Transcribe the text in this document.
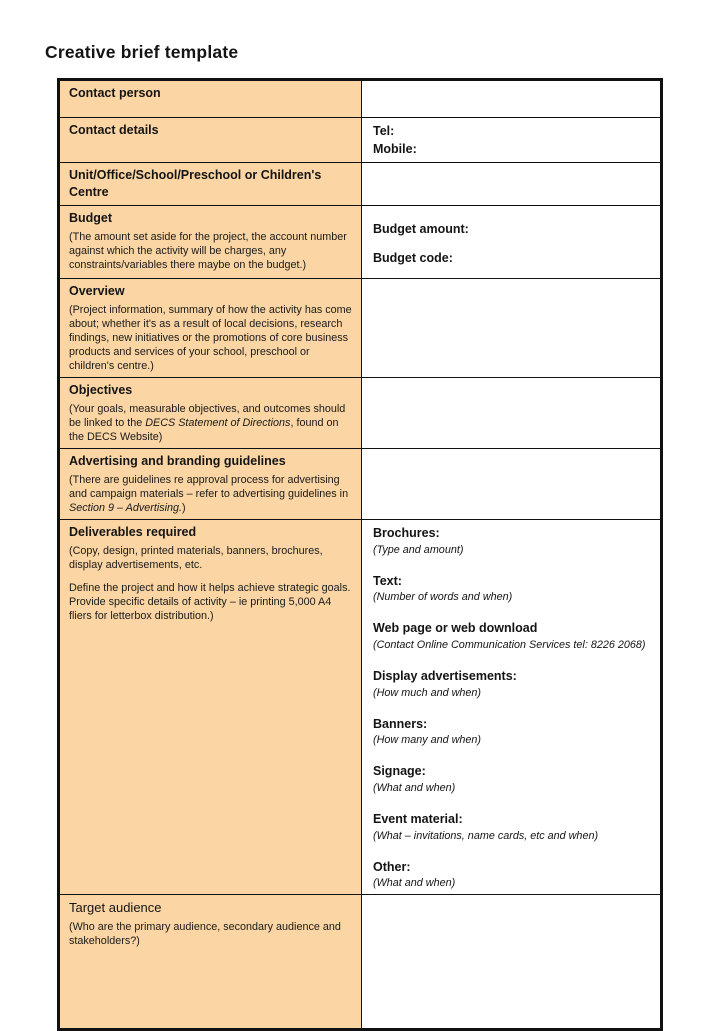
Creative brief template
Contact person
Contact details	Tel:
Mobile:
Unit/Office/School/Preschool or Children's Centre
Budget
(The amount set aside for the project, the account number against which the activity will be charges, any constraints/variables there maybe on the budget.)
Budget amount:
Budget code:
Overview
(Project information, summary of how the activity has come about; whether it's as a result of local decisions, research findings, new initiatives or the promotions of core business products and services of your school, preschool or children's centre.)
Objectives
(Your goals, measurable objectives, and outcomes should be linked to the DECS Statement of Directions, found on the DECS Website)
Advertising and branding guidelines
(There are guidelines re approval process for advertising and campaign materials – refer to advertising guidelines in Section 9 – Advertising.)
Deliverables required
(Copy, design, printed materials, banners, brochures, display advertisements, etc.
Define the project and how it helps achieve strategic goals. Provide specific details of activity – ie printing 5,000 A4 fliers for letterbox distribution.)
Brochures:
(Type and amount)
Text:
(Number of words and when)
Web page or web download
(Contact Online Communication Services tel: 8226 2068)
Display advertisements:
(How much and when)
Banners:
(How many and when)
Signage:
(What and when)
Event material:
(What – invitations, name cards, etc and when)
Other:
(What and when)
Target audience
(Who are the primary audience, secondary audience and stakeholders?)
